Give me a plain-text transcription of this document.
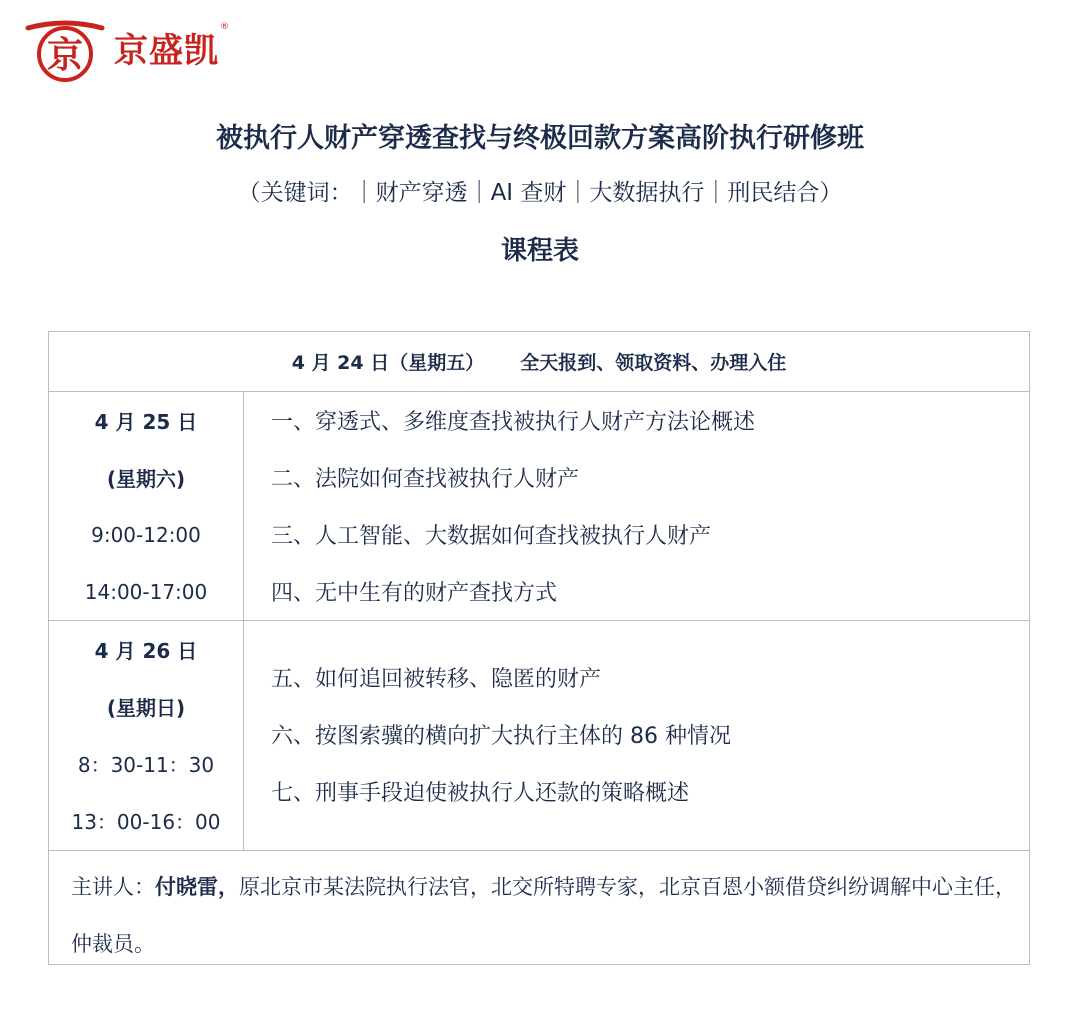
京 京盛凯
®
被执行人财产穿透查找与终极回款方案高阶执行研修班
（关键词：｜财产穿透｜AI 查财｜大数据执行｜刑民结合）
课程表
4 月 24 日（星期五） 全天报到、领取资料、办理入住
4 月 25 日
(星期六)
9:00-12:00
14:00-17:00
一、穿透式、多维度查找被执行人财产方法论概述
二、法院如何查找被执行人财产
三、人工智能、大数据如何查找被执行人财产
四、无中生有的财产查找方式
4 月 26 日
(星期日)
8：30-11：30
13：00-16：00
五、如何追回被转移、隐匿的财产
六、按图索骥的横向扩大执行主体的 86 种情况
七、刑事手段迫使被执行人还款的策略概述
主讲人：付晓雷，原北京市某法院执行法官，北交所特聘专家，北京百恩小额借贷纠纷调解中心主任，仲裁员。
